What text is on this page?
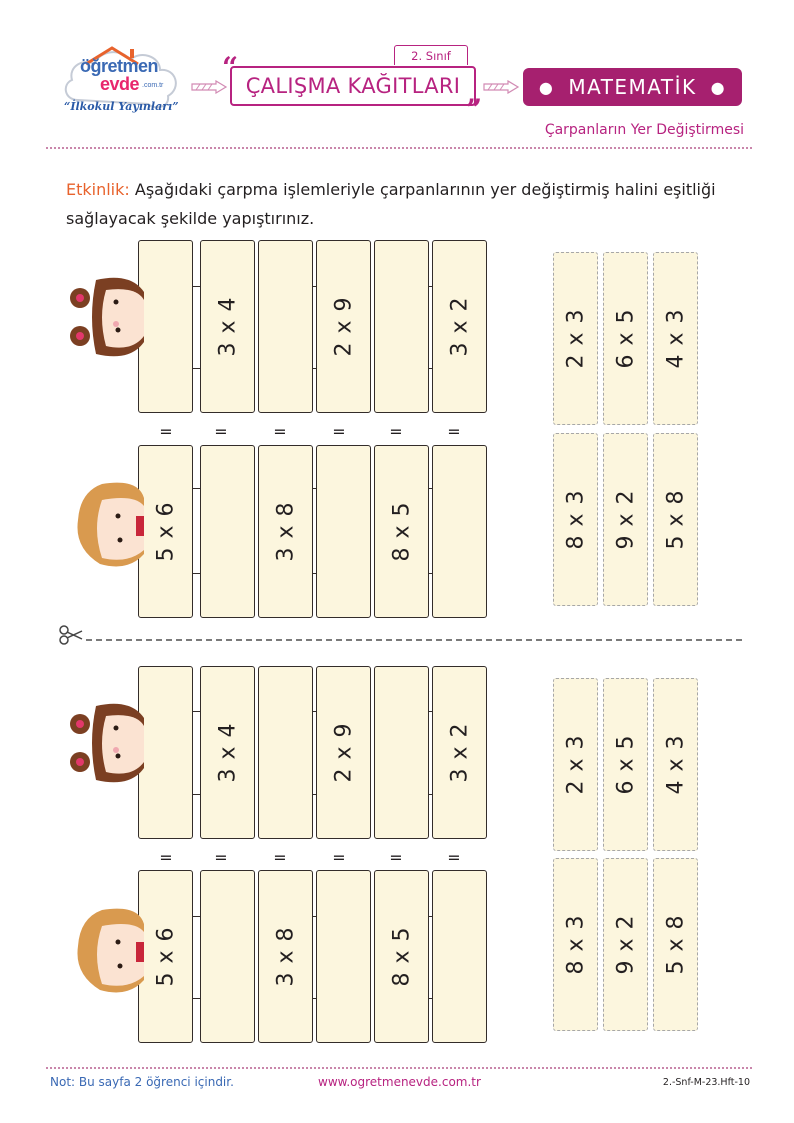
öğretmen
evde .com.tr
“İlkokul Yayınları”
“	2. Sınıf
ÇALIŞMA KAĞITLARI
”
● MATEMATİK ●
Çarpanların Yer Değiştirmesi

Etkinlik: Aşağıdaki çarpma işlemleriyle çarpanlarının yer değiştirmiş halini eşitliği sağlayacak şekilde yapıştırınız.

3 x 4	2 x 9	3 x 2
=	=	=	=	=	=
5 x 6	3 x 8	8 x 5
2 x 3 6 x 5 4 x 3
8 x 3 9 x 2 5 x 8
3 x 4	2 x 9	3 x 2
=	=	=	=	=	=
5 x 6	3 x 8	8 x 5
2 x 3 6 x 5 4 x 3
8 x 3 9 x 2 5 x 8
Not: Bu sayfa 2 öğrenci içindir.	www.ogretmenevde.com.tr	2.-Snf-M-23.Hft-10
